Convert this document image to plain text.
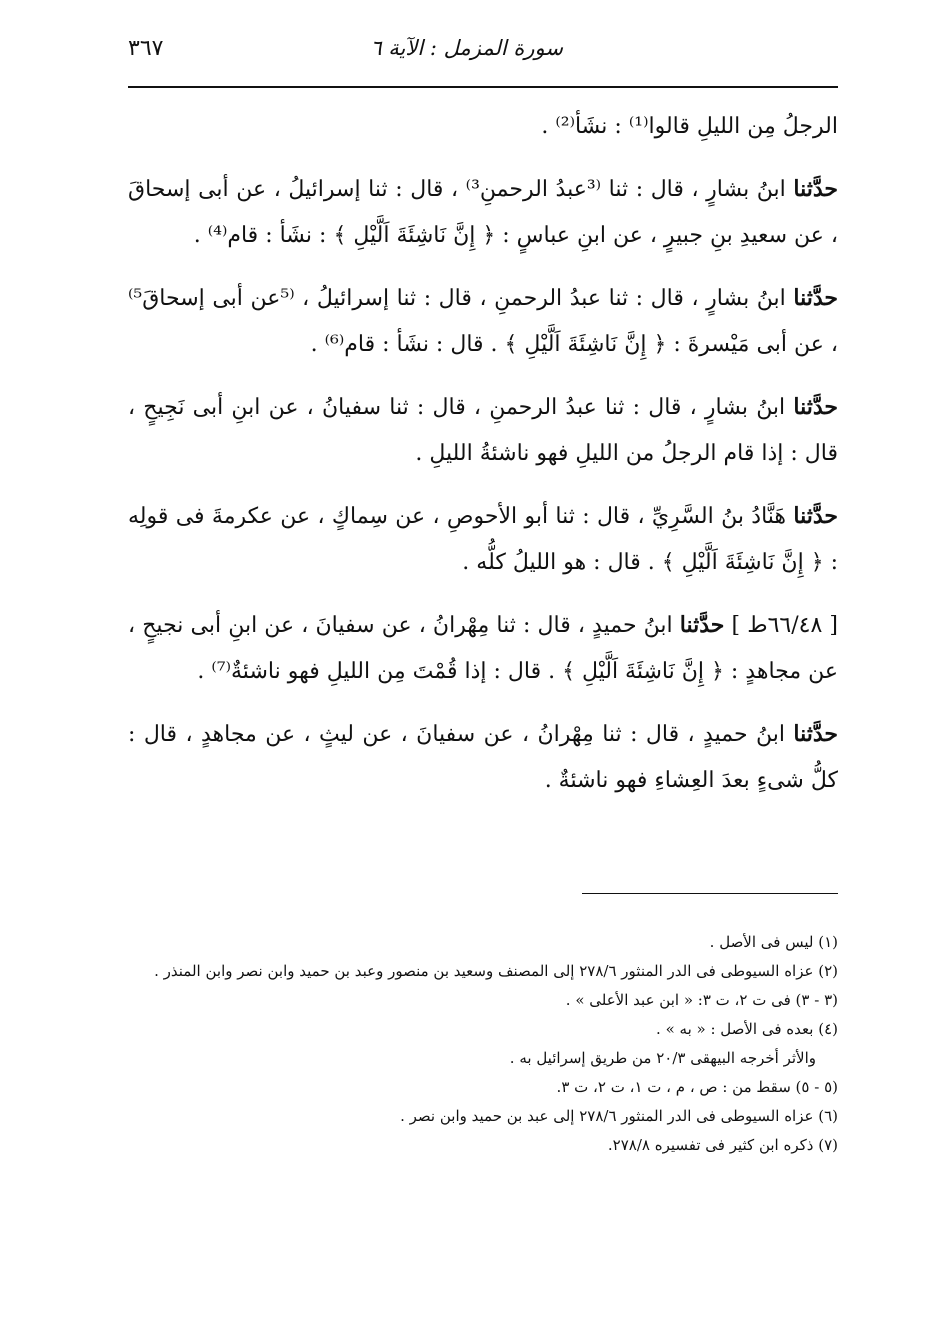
سورة المزمل : الآية ٦
٣٦٧

الرجلُ مِن الليلِ قالوا⁽¹⁾ : نشَأ⁽²⁾ .

حدَّثنا ابنُ بشارٍ ، قال : ثنا ⁽³عبدُ الرحمنِ³⁾ ، قال : ثنا إسرائيلُ ، عن أبى إسحاقَ ، عن سعيدِ بنِ جبيرٍ ، عن ابنِ عباسٍ : ﴿ إِنَّ نَاشِئَةَ اَلَّيْلِ ﴾ : نشَأ : قام⁽⁴⁾ .

حدَّثنا ابنُ بشارٍ ، قال : ثنا عبدُ الرحمنِ ، قال : ثنا إسرائيلُ ، ⁽⁵عن أبى إسحاقَ⁵⁾ ، عن أبى مَيْسرةَ : ﴿ إِنَّ نَاشِئَةَ اَلَّيْلِ ﴾ . قال : نشَأ : قام⁽⁶⁾ .

حدَّثنا ابنُ بشارٍ ، قال : ثنا عبدُ الرحمنِ ، قال : ثنا سفيانُ ، عن ابنِ أبى نَجِيحٍ ، قال : إذا قام الرجلُ من الليلِ فهو ناشئةُ الليلِ .

حدَّثنا هَنَّادُ بنُ السَّرِيِّ ، قال : ثنا أبو الأحوصِ ، عن سِماكٍ ، عن عكرمةَ فى قولِه : ﴿ إِنَّ نَاشِئَةَ اَلَّيْلِ ﴾ . قال : هو الليلُ كلُّه .

[ ٦٦/٤٨ط ] حدَّثنا ابنُ حميدٍ ، قال : ثنا مِهْرانُ ، عن سفيانَ ، عن ابنِ أبى نجيحٍ ، عن مجاهدٍ : ﴿ إِنَّ نَاشِئَةَ اَلَّيْلِ ﴾ . قال : إذا قُمْتَ مِن الليلِ فهو ناشئةٌ⁽⁷⁾ .

حدَّثنا ابنُ حميدٍ ، قال : ثنا مِهْرانُ ، عن سفيانَ ، عن ليثٍ ، عن مجاهدٍ ، قال : كلُّ شىءٍ بعدَ العِشاءِ فهو ناشئةٌ .

(١) ليس فى الأصل .

(٢) عزاه السيوطى فى الدر المنثور ٢٧٨/٦ إلى المصنف وسعيد بن منصور وعبد بن حميد وابن نصر وابن المنذر .

(٣ - ٣) فى ت ٢، ت ٣: « ابن عبد الأعلى » .

(٤) بعده فى الأصل : « به » .

والأثر أخرجه البيهقى ٢٠/٣ من طريق إسرائيل به .

(٥ - ٥) سقط من : ص ، م ، ت ١، ت ٢، ت ٣.

(٦) عزاه السيوطى فى الدر المنثور ٢٧٨/٦ إلى عبد بن حميد وابن نصر .

(٧) ذكره ابن كثير فى تفسيره ٢٧٨/٨.
